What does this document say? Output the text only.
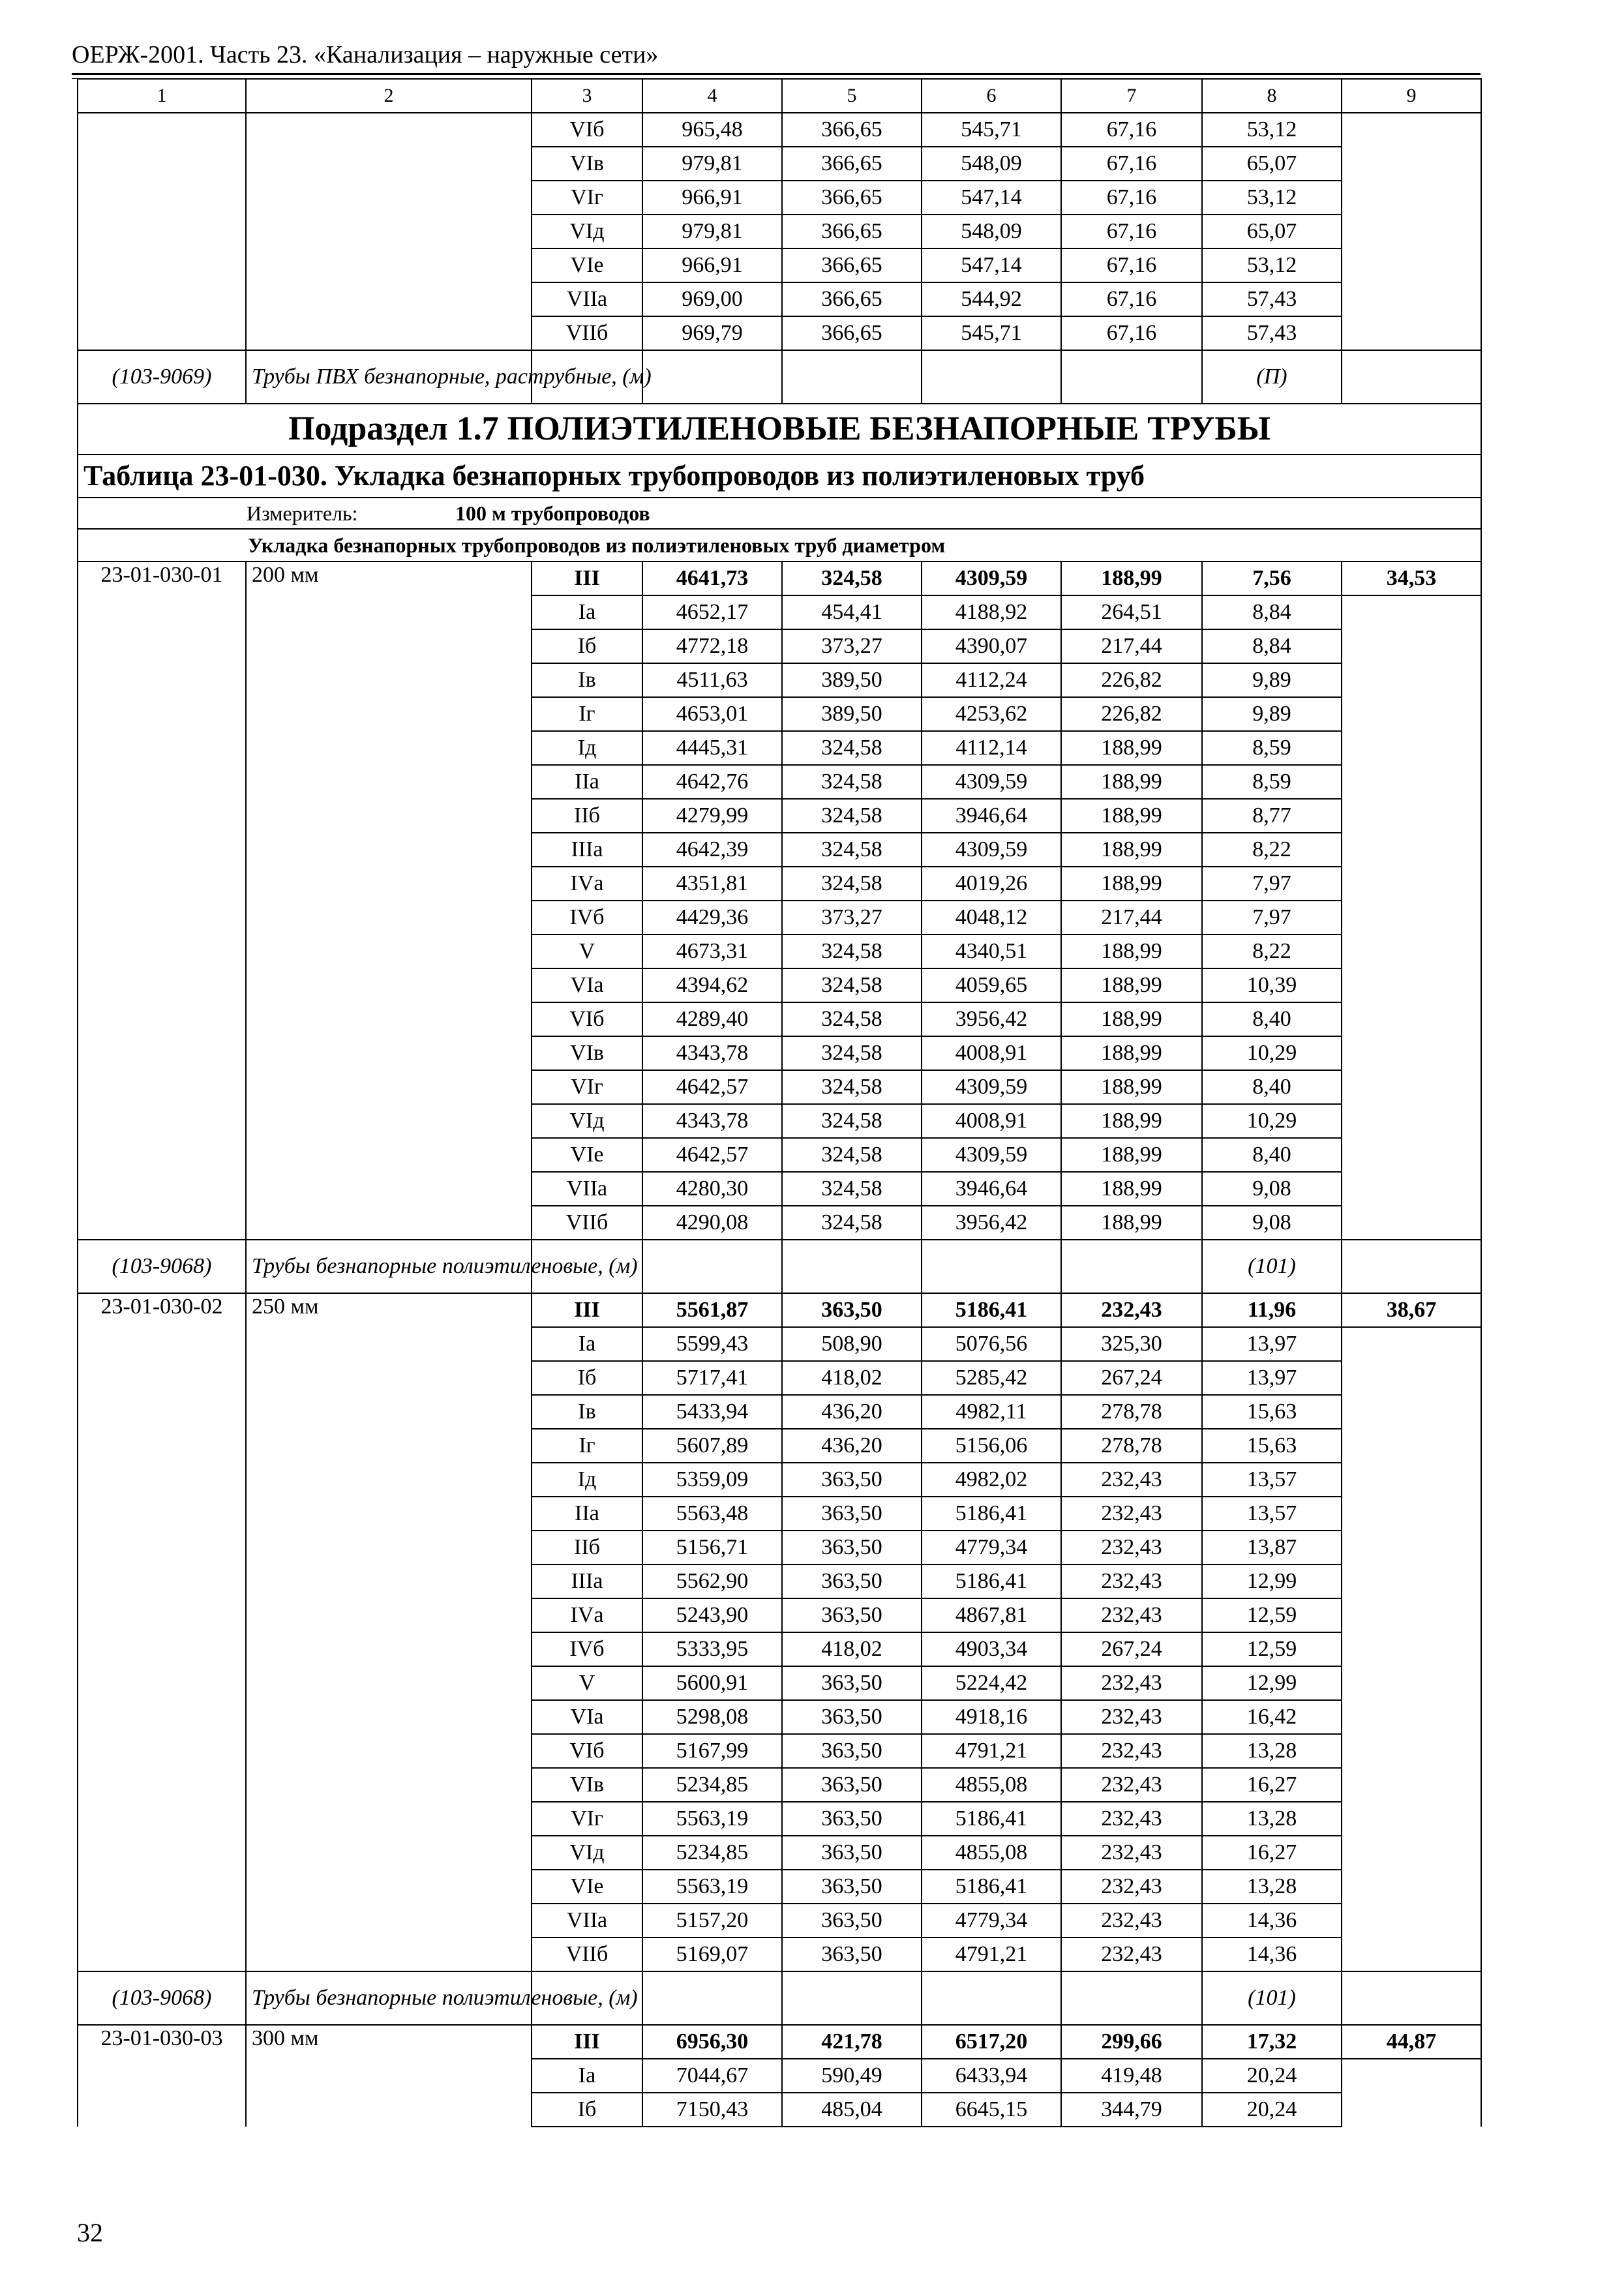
ОЕРЖ-2001. Часть 23. «Канализация – наружные сети»
1	2	3	4	5	6	7	8	9
		VIб	965,48	366,65	545,71	67,16	53,12	
		VIв	979,81	366,65	548,09	67,16	65,07	
		VIг	966,91	366,65	547,14	67,16	53,12	
		VIд	979,81	366,65	548,09	67,16	65,07	
		VIе	966,91	366,65	547,14	67,16	53,12	
		VIIа	969,00	366,65	544,92	67,16	57,43	
		VIIб	969,79	366,65	545,71	67,16	57,43	
(103-9069)	Трубы ПВХ безнапорные, раструбные, (м)						(П)	
Подраздел 1.7 ПОЛИЭТИЛЕНОВЫЕ БЕЗНАПОРНЫЕ ТРУБЫ								
Таблица 23-01-030. Укладка безнапорных трубопроводов из полиэтиленовых труб								
Измеритель: 100 м трубопроводов								
Укладка безнапорных трубопроводов из полиэтиленовых труб диаметром								
23-01-030-01	200 мм	III	4641,73	324,58	4309,59	188,99	7,56	34,53
		Iа	4652,17	454,41	4188,92	264,51	8,84	
		Iб	4772,18	373,27	4390,07	217,44	8,84	
		Iв	4511,63	389,50	4112,24	226,82	9,89	
		Iг	4653,01	389,50	4253,62	226,82	9,89	
		Iд	4445,31	324,58	4112,14	188,99	8,59	
		IIа	4642,76	324,58	4309,59	188,99	8,59	
		IIб	4279,99	324,58	3946,64	188,99	8,77	
		IIIа	4642,39	324,58	4309,59	188,99	8,22	
		IVа	4351,81	324,58	4019,26	188,99	7,97	
		IVб	4429,36	373,27	4048,12	217,44	7,97	
		V	4673,31	324,58	4340,51	188,99	8,22	
		VIа	4394,62	324,58	4059,65	188,99	10,39	
		VIб	4289,40	324,58	3956,42	188,99	8,40	
		VIв	4343,78	324,58	4008,91	188,99	10,29	
		VIг	4642,57	324,58	4309,59	188,99	8,40	
		VIд	4343,78	324,58	4008,91	188,99	10,29	
		VIе	4642,57	324,58	4309,59	188,99	8,40	
		VIIа	4280,30	324,58	3946,64	188,99	9,08	
		VIIб	4290,08	324,58	3956,42	188,99	9,08	
(103-9068)	Трубы безнапорные полиэтиленовые, (м)						(101)	
23-01-030-02	250 мм	III	5561,87	363,50	5186,41	232,43	11,96	38,67
		Iа	5599,43	508,90	5076,56	325,30	13,97	
		Iб	5717,41	418,02	5285,42	267,24	13,97	
		Iв	5433,94	436,20	4982,11	278,78	15,63	
		Iг	5607,89	436,20	5156,06	278,78	15,63	
		Iд	5359,09	363,50	4982,02	232,43	13,57	
		IIа	5563,48	363,50	5186,41	232,43	13,57	
		IIб	5156,71	363,50	4779,34	232,43	13,87	
		IIIа	5562,90	363,50	5186,41	232,43	12,99	
		IVа	5243,90	363,50	4867,81	232,43	12,59	
		IVб	5333,95	418,02	4903,34	267,24	12,59	
		V	5600,91	363,50	5224,42	232,43	12,99	
		VIа	5298,08	363,50	4918,16	232,43	16,42	
		VIб	5167,99	363,50	4791,21	232,43	13,28	
		VIв	5234,85	363,50	4855,08	232,43	16,27	
		VIг	5563,19	363,50	5186,41	232,43	13,28	
		VIд	5234,85	363,50	4855,08	232,43	16,27	
		VIе	5563,19	363,50	5186,41	232,43	13,28	
		VIIа	5157,20	363,50	4779,34	232,43	14,36	
		VIIб	5169,07	363,50	4791,21	232,43	14,36	
(103-9068)	Трубы безнапорные полиэтиленовые, (м)						(101)	
23-01-030-03	300 мм	III	6956,30	421,78	6517,20	299,66	17,32	44,87
		Iа	7044,67	590,49	6433,94	419,48	20,24	
		Iб	7150,43	485,04	6645,15	344,79	20,24	
32
